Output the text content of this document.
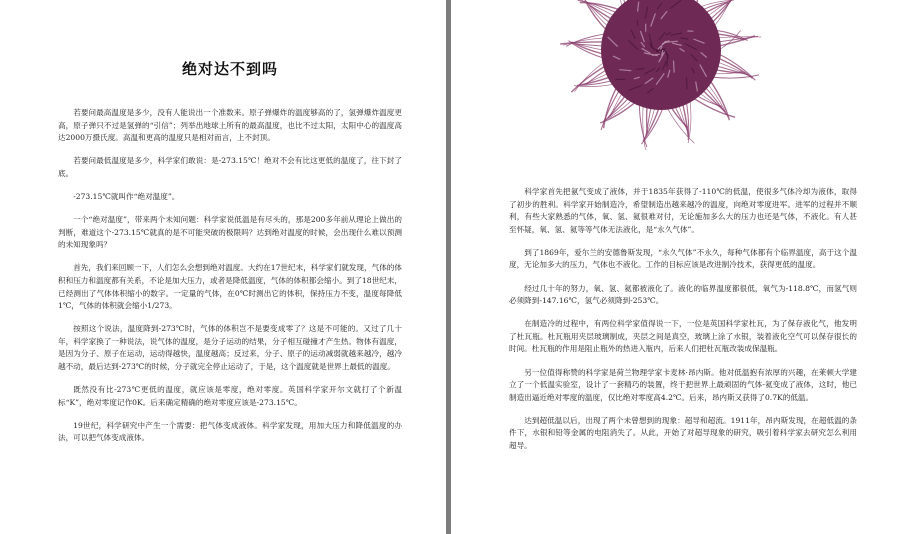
绝对达不到吗

若要问最高温度是多少，没有人能说出一个准数来。原子弹爆炸的温度够高的了，氢弹爆炸温度更高，原子弹只不过是氢弹的“引信”；列举出地球上所有的最高温度，也比不过太阳，太阳中心的温度高达2000万摄氏度。高温和更高的温度只是相对而言，上不封顶。

若要问最低温度是多少，科学家们敢说：是-273.15℃！绝对不会有比这更低的温度了，往下封了底。

-273.15℃就叫作“绝对温度”。

一个“绝对温度”，带来两个未知问题：科学家说低温是有尽头的，那是200多年前从理论上做出的判断，难道这个-273.15℃就真的是不可能突破的极限吗？达到绝对温度的时候，会出现什么难以预测的未知现象吗？

首先，我们来回顾一下，人们怎么会想到绝对温度。大约在17世纪末，科学家们就发现，气体的体积和压力和温度都有关系，不论是加大压力，或者是降低温度，气体的体积都会缩小。到了18世纪末，已经测出了气体体积缩小的数字。一定量的气体，在0℃时测出它的体积，保持压力不变，温度每降低1℃，气体的体积就会缩小1/273。

按照这个说法，温度降到-273℃时，气体的体积岂不是要变成零了？这是不可能的。又过了几十年，科学家换了一种说法，说气体的温度，是分子运动的结果，分子相互碰撞才产生热。物体有温度，是因为分子、原子在运动，运动得越快，温度越高；反过来，分子、原子的运动减弱就越来越冷，越冷越不动，最后达到-273℃的时候，分子就完全停止运动了，于是，这个温度就是世界上最低的温度。

既然没有比-273℃更低的温度，就应该是零度，绝对零度。英国科学家开尔文就打了个新温标“K”，绝对零度记作0K。后来确定精确的绝对零度应该是-273.15℃。

19世纪，科学研究中产生一个需要：把气体变成液体。科学家发现，用加大压力和降低温度的办法，可以把气体变成液体。

科学家首先把氨气变成了液体，并于1835年获得了-110℃的低温，使很多气体冷却为液体，取得了初步的胜利。科学家开始制造冷，希望制造出越来越冷的温度，向绝对零度进军。进军的过程并不顺利，有些大家熟悉的气体，氧、氢、氦很难对付，无论施加多么大的压力也还是气体，不液化。有人甚至怀疑，氧、氢、氦等等气体无法液化，是“永久气体”。

到了1869年，爱尔兰的安德鲁斯发现，“永久气体”不永久，每种气体都有个临界温度，高于这个温度，无论加多大的压力，气体也不液化。工作的目标应该是改进制冷技术，获得更低的温度。

经过几十年的努力，氧、氢、氦都被液化了。液化的临界温度都很低，氧气为-118.8℃，而氢气则必须降到-147.16℃，氢气必须降到-253℃。

在制造冷的过程中，有两位科学家值得说一下，一位是英国科学家杜瓦，为了保存液化气，他发明了杜瓦瓶。杜瓦瓶用夹层玻璃制成，夹层之间是真空，玻璃上涂了水银，装着液化空气可以保存很长的时间。杜瓦瓶的作用是阻止瓶外的热进入瓶内，后来人们把杜瓦瓶改装成保温瓶。

另一位值得称赞的科学家是荷兰物理学家卡麦林·昂内斯。他对低温抱有浓厚的兴趣，在莱顿大学建立了一个低温实验室，设计了一套精巧的装置，终于把世界上最顽固的气体-氦变成了液体，这时，他已制造出逼近绝对零度的温度，仅比绝对零度高4.2℃。后来，昂内斯又获得了0.7K的低温。

达到超低温以后，出现了两个未曾想到的现象：超导和超流。1911年，昂内斯发现，在超低温的条件下，水银和铅等金属的电阻消失了。从此，开始了对超导现象的研究，吸引着科学家去研究怎么利用超导。
